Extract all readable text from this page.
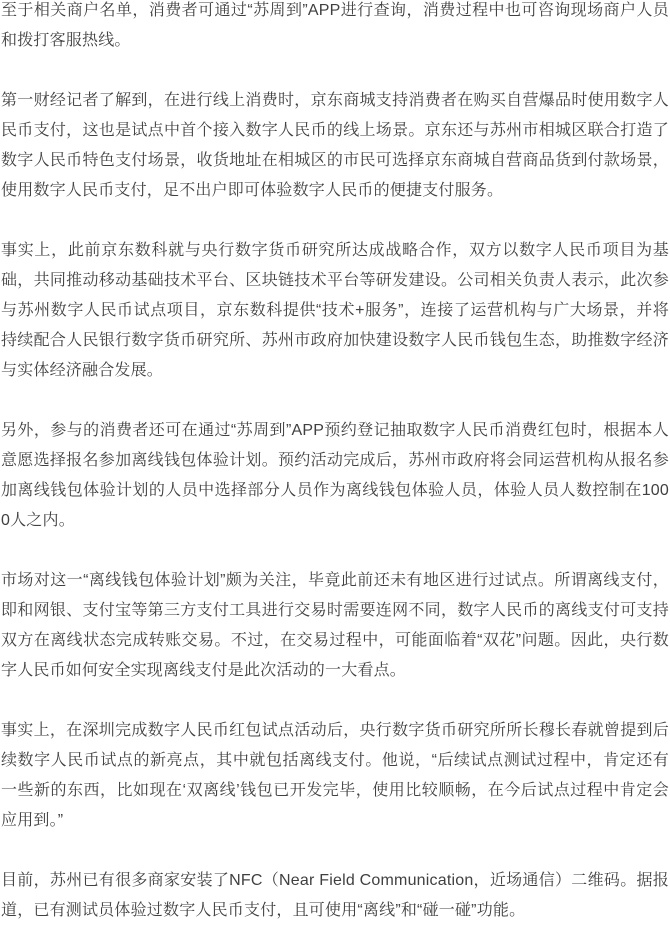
至于相关商户名单，消费者可通过“苏周到”APP进行查询，消费过程中也可咨询现场商户人员和拨打客服热线。

第一财经记者了解到，在进行线上消费时，京东商城支持消费者在购买自营爆品时使用数字人民币支付，这也是试点中首个接入数字人民币的线上场景。京东还与苏州市相城区联合打造了数字人民币特色支付场景，收货地址在相城区的市民可选择京东商城自营商品货到付款场景，使用数字人民币支付，足不出户即可体验数字人民币的便捷支付服务。

事实上，此前京东数科就与央行数字货币研究所达成战略合作，双方以数字人民币项目为基础，共同推动移动基础技术平台、区块链技术平台等研发建设。公司相关负责人表示，此次参与苏州数字人民币试点项目，京东数科提供“技术+服务”，连接了运营机构与广大场景，并将持续配合人民银行数字货币研究所、苏州市政府加快建设数字人民币钱包生态，助推数字经济与实体经济融合发展。

另外，参与的消费者还可在通过“苏周到”APP预约登记抽取数字人民币消费红包时，根据本人意愿选择报名参加离线钱包体验计划。预约活动完成后，苏州市政府将会同运营机构从报名参加离线钱包体验计划的人员中选择部分人员作为离线钱包体验人员，体验人员人数控制在1000人之内。

市场对这一“离线钱包体验计划”颇为关注，毕竟此前还未有地区进行过试点。所谓离线支付，即和网银、支付宝等第三方支付工具进行交易时需要连网不同，数字人民币的离线支付可支持双方在离线状态完成转账交易。不过，在交易过程中，可能面临着“双花”问题。因此，央行数字人民币如何安全实现离线支付是此次活动的一大看点。

事实上，在深圳完成数字人民币红包试点活动后，央行数字货币研究所所长穆长春就曾提到后续数字人民币试点的新亮点，其中就包括离线支付。他说，“后续试点测试过程中，肯定还有一些新的东西，比如现在‘双离线’钱包已开发完毕，使用比较顺畅，在今后试点过程中肯定会应用到。”

目前，苏州已有很多商家安装了NFC（Near Field Communication，近场通信）二维码。据报道，已有测试员体验过数字人民币支付，且可使用“离线”和“碰一碰”功能。
